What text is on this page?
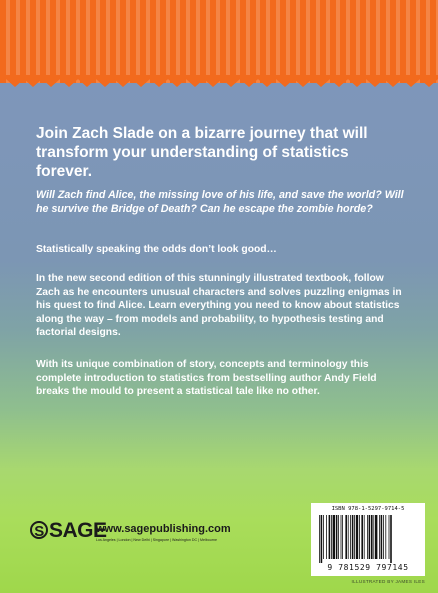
Join Zach Slade on a bizarre journey that will transform your understanding of statistics forever.
Will Zach find Alice, the missing love of his life, and save the world? Will he survive the Bridge of Death? Can he escape the zombie horde?
Statistically speaking the odds don’t look good…
In the new second edition of this stunningly illustrated textbook, follow Zach as he encounters unusual characters and solves puzzling enigmas in his quest to find Alice. Learn everything you need to know about statistics along the way – from models and probability, to hypothesis testing and factorial designs.
With its unique combination of story, concepts and terminology this complete introduction to statistics from bestselling author Andy Field breaks the mould to present a statistical tale like no other.
S SAGE
www.sagepublishing.com
Los Angeles | London | New Delhi | Singapore | Washington DC | Melbourne
ISBN 978-1-5297-9714-5
9 781529 797145
ILLUSTRATED BY JAMES ILES
